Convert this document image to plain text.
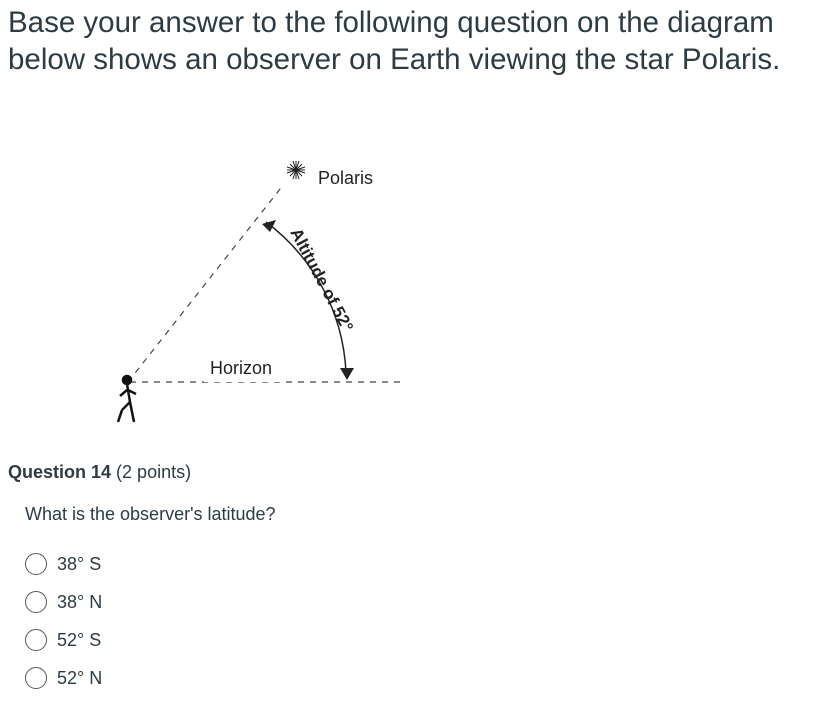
Base your answer to the following question on the diagram below shows an observer on Earth viewing the star Polaris.
Polaris
Horizon
Altitude of 52°
Question 14 (2 points)
What is the observer's latitude?
38° S
38° N
52° S
52° N
